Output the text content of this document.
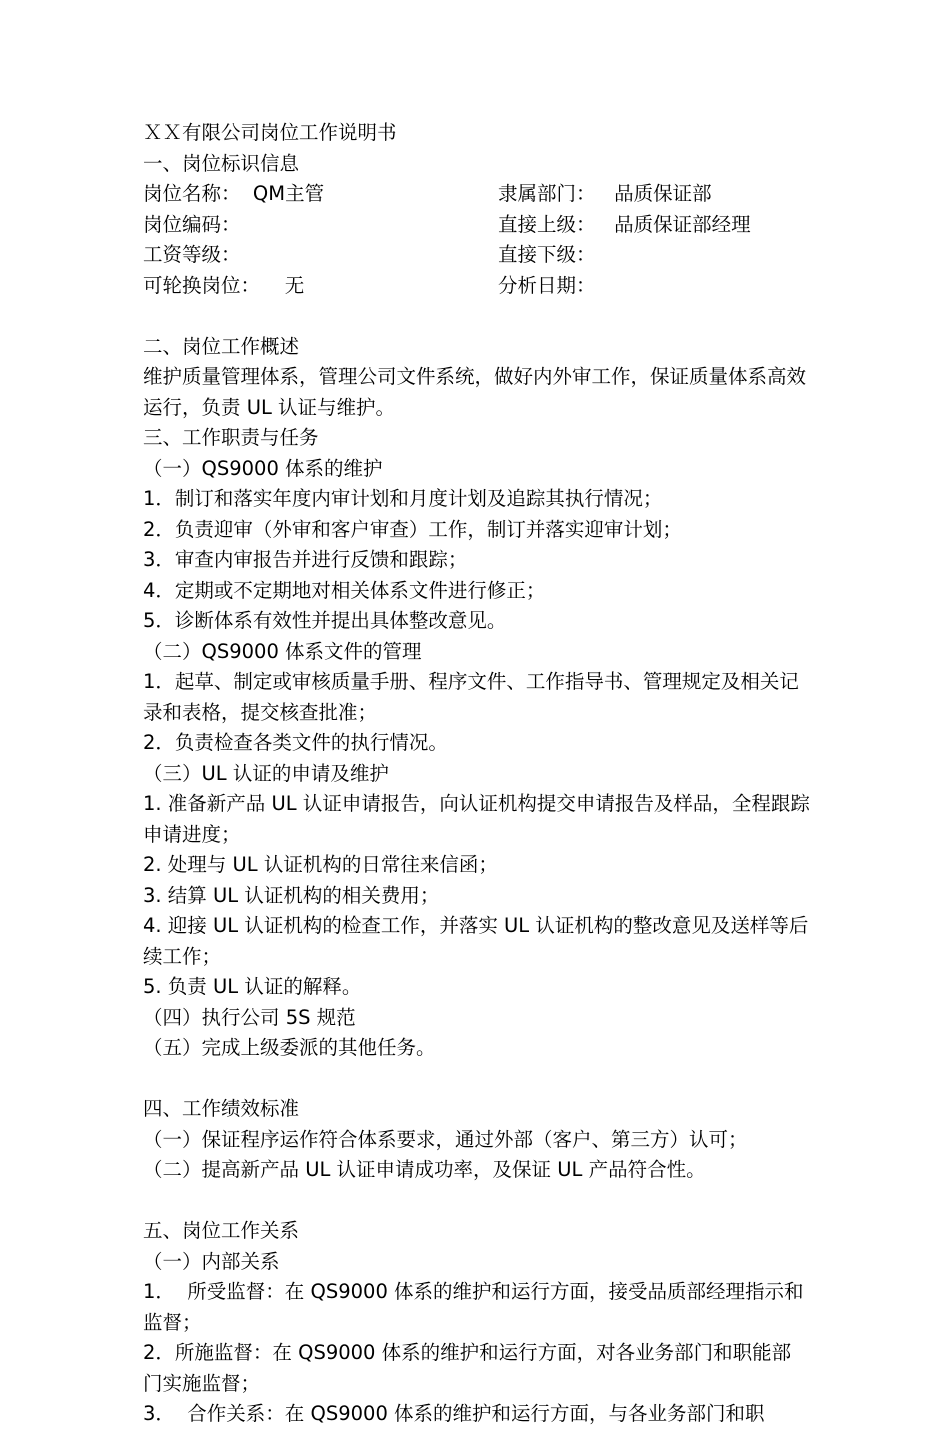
ＸＸ有限公司岗位工作说明书
一、岗位标识信息
岗位名称：  QM主管	隶属部门：   品质保证部
岗位编码：	直接上级：   品质保证部经理
工资等级：	直接下级：
可轮换岗位：    无	分析日期：
二、岗位工作概述
维护质量管理体系，管理公司文件系统，做好内外审工作，保证质量体系高效运行，负责 UL 认证与维护。
三、工作职责与任务
（一）QS9000 体系的维护
1．制订和落实年度内审计划和月度计划及追踪其执行情况；
2．负责迎审（外审和客户审查）工作，制订并落实迎审计划；
3．审查内审报告并进行反馈和跟踪；
4．定期或不定期地对相关体系文件进行修正；
5．诊断体系有效性并提出具体整改意见。
（二）QS9000 体系文件的管理
1．起草、制定或审核质量手册、程序文件、工作指导书、管理规定及相关记录和表格，提交核查批准；
2．负责检查各类文件的执行情况。
（三）UL 认证的申请及维护
1. 准备新产品 UL 认证申请报告，向认证机构提交申请报告及样品，全程跟踪申请进度；
2. 处理与 UL 认证机构的日常往来信函；
3. 结算 UL 认证机构的相关费用；
4. 迎接 UL 认证机构的检查工作，并落实 UL 认证机构的整改意见及送样等后续工作；
5. 负责 UL 认证的解释。
（四）执行公司 5S 规范
（五）完成上级委派的其他任务。
四、工作绩效标准
（一）保证程序运作符合体系要求，通过外部（客户、第三方）认可；
（二）提高新产品 UL 认证申请成功率，及保证 UL 产品符合性。
五、岗位工作关系
（一）内部关系
1．  所受监督：在 QS9000 体系的维护和运行方面，接受品质部经理指示和监督；
2．所施监督：在 QS9000 体系的维护和运行方面，对各业务部门和职能部门实施监督；
3．  合作关系：在 QS9000 体系的维护和运行方面，与各业务部门和职
